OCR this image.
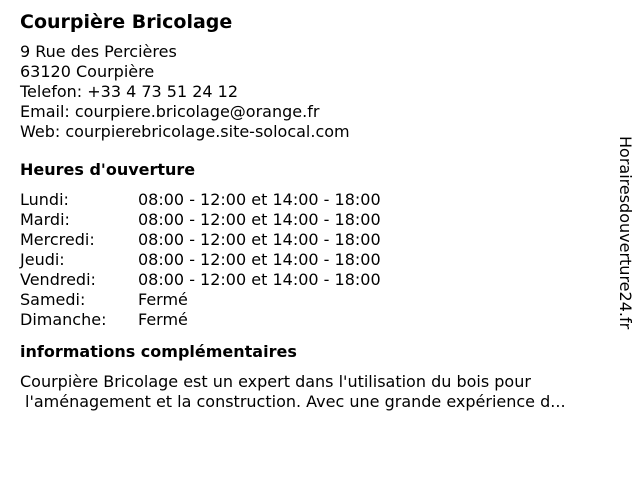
Courpière Bricolage
9 Rue des Percières
63120 Courpière
Telefon: +33 4 73 51 24 12
Email: courpiere.bricolage@orange.fr
Web: courpierebricolage.site-solocal.com
Heures d'ouverture
Lundi:	08:00 - 12:00 et 14:00 - 18:00
Mardi:	08:00 - 12:00 et 14:00 - 18:00
Mercredi:	08:00 - 12:00 et 14:00 - 18:00
Jeudi:	08:00 - 12:00 et 14:00 - 18:00
Vendredi:	08:00 - 12:00 et 14:00 - 18:00
Samedi:	Fermé
Dimanche:	Fermé
informations complémentaires
Courpière Bricolage est un expert dans l'utilisation du bois pour
l'aménagement et la construction. Avec une grande expérience d...
Horairesdouverture24.fr
